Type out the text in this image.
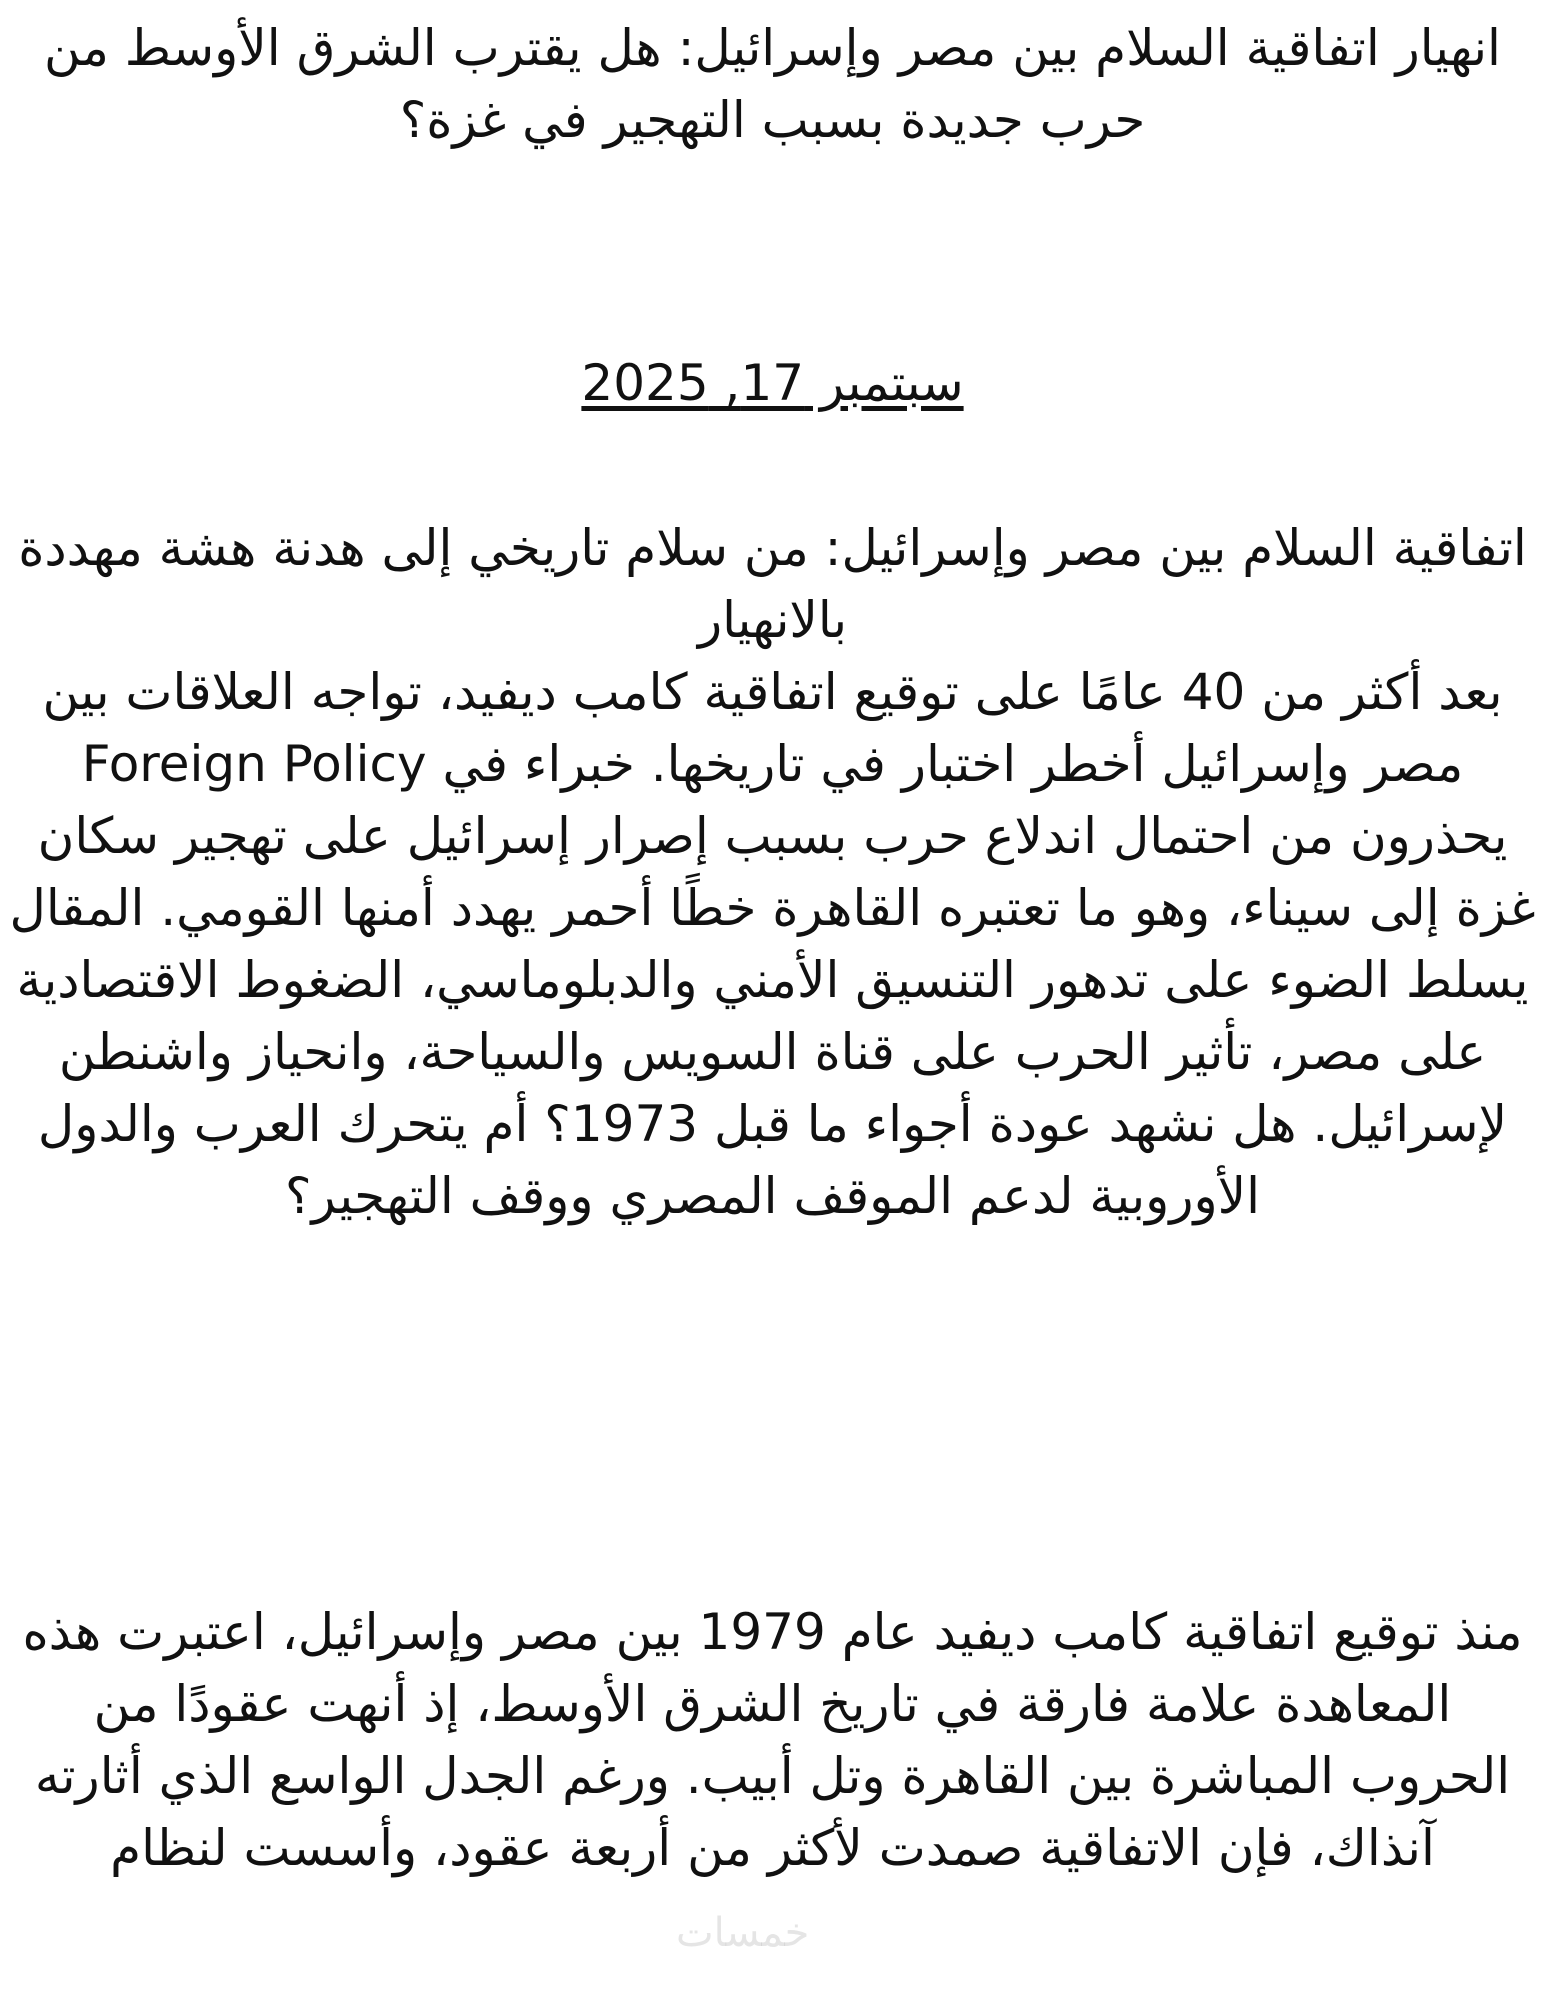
انهيار اتفاقية السلام بين مصر وإسرائيل: هل يقترب الشرق الأوسط من حرب جديدة بسبب التهجير في غزة؟
سبتمبر 17, 2025

اتفاقية السلام بين مصر وإسرائيل: من سلام تاريخي إلى هدنة هشة مهددة بالانهيار

بعد أكثر من 40 عامًا على توقيع اتفاقية كامب ديفيد، تواجه العلاقات بين مصر وإسرائيل أخطر اختبار في تاريخها. خبراء في Foreign Policy يحذرون من احتمال اندلاع حرب بسبب إصرار إسرائيل على تهجير سكان غزة إلى سيناء، وهو ما تعتبره القاهرة خطًا أحمر يهدد أمنها القومي. المقال يسلط الضوء على تدهور التنسيق الأمني والدبلوماسي، الضغوط الاقتصادية على مصر، تأثير الحرب على قناة السويس والسياحة، وانحياز واشنطن لإسرائيل. هل نشهد عودة أجواء ما قبل 1973؟ أم يتحرك العرب والدول الأوروبية لدعم الموقف المصري ووقف التهجير؟

منذ توقيع اتفاقية كامب ديفيد عام 1979 بين مصر وإسرائيل، اعتبرت هذه المعاهدة علامة فارقة في تاريخ الشرق الأوسط، إذ أنهت عقودًا من الحروب المباشرة بين القاهرة وتل أبيب. ورغم الجدل الواسع الذي أثارته آنذاك، فإن الاتفاقية صمدت لأكثر من أربعة عقود، وأسست لنظام

خمسات
